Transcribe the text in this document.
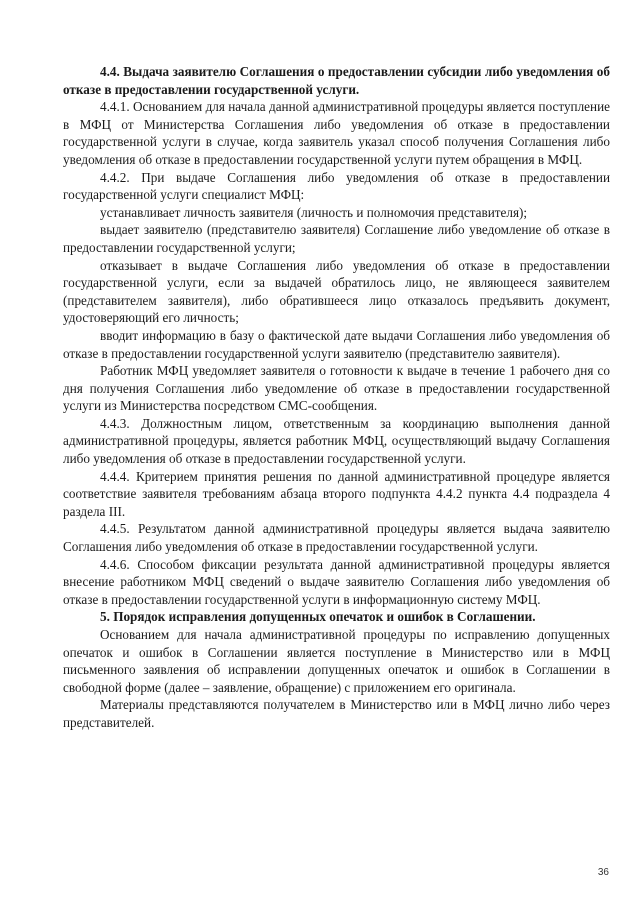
4.4. Выдача заявителю Соглашения о предоставлении субсидии либо уведомления об отказе в предоставлении государственной услуги.

4.4.1. Основанием для начала данной административной процедуры является поступление в МФЦ от Министерства Соглашения либо уведомления об отказе в предоставлении государственной услуги в случае, когда заявитель указал способ получения Соглашения либо уведомления об отказе в предоставлении государственной услуги путем обращения в МФЦ.

4.4.2. При выдаче Соглашения либо уведомления об отказе в предоставлении государственной услуги специалист МФЦ:

устанавливает личность заявителя (личность и полномочия представителя);

выдает заявителю (представителю заявителя) Соглашение либо уведомление об отказе в предоставлении государственной услуги;

отказывает в выдаче Соглашения либо уведомления об отказе в предоставлении государственной услуги, если за выдачей обратилось лицо, не являющееся заявителем (представителем заявителя), либо обратившееся лицо отказалось предъявить документ, удостоверяющий его личность;

вводит информацию в базу о фактической дате выдачи Соглашения либо уведомления об отказе в предоставлении государственной услуги заявителю (представителю заявителя).

Работник МФЦ уведомляет заявителя о готовности к выдаче в течение 1 рабочего дня со дня получения Соглашения либо уведомление об отказе в предоставлении государственной услуги из Министерства посредством СМС-сообщения.

4.4.3. Должностным лицом, ответственным за координацию выполнения данной административной процедуры, является работник МФЦ, осуществляющий выдачу Соглашения либо уведомления об отказе в предоставлении государственной услуги.

4.4.4. Критерием принятия решения по данной административной процедуре является соответствие заявителя требованиям абзаца второго подпункта 4.4.2 пункта 4.4 подраздела 4 раздела III.

4.4.5. Результатом данной административной процедуры является выдача заявителю Соглашения либо уведомления об отказе в предоставлении государственной услуги.

4.4.6. Способом фиксации результата данной административной процедуры является внесение работником МФЦ сведений о выдаче заявителю Соглашения либо уведомления об отказе в предоставлении государственной услуги в информационную систему МФЦ.

5. Порядок исправления допущенных опечаток и ошибок в Соглашении.

Основанием для начала административной процедуры по исправлению допущенных опечаток и ошибок в Соглашении является поступление в Министерство или в МФЦ письменного заявления об исправлении допущенных опечаток и ошибок в Соглашении в свободной форме (далее – заявление, обращение) с приложением его оригинала.

Материалы представляются получателем в Министерство или в МФЦ лично либо через представителей.

36
